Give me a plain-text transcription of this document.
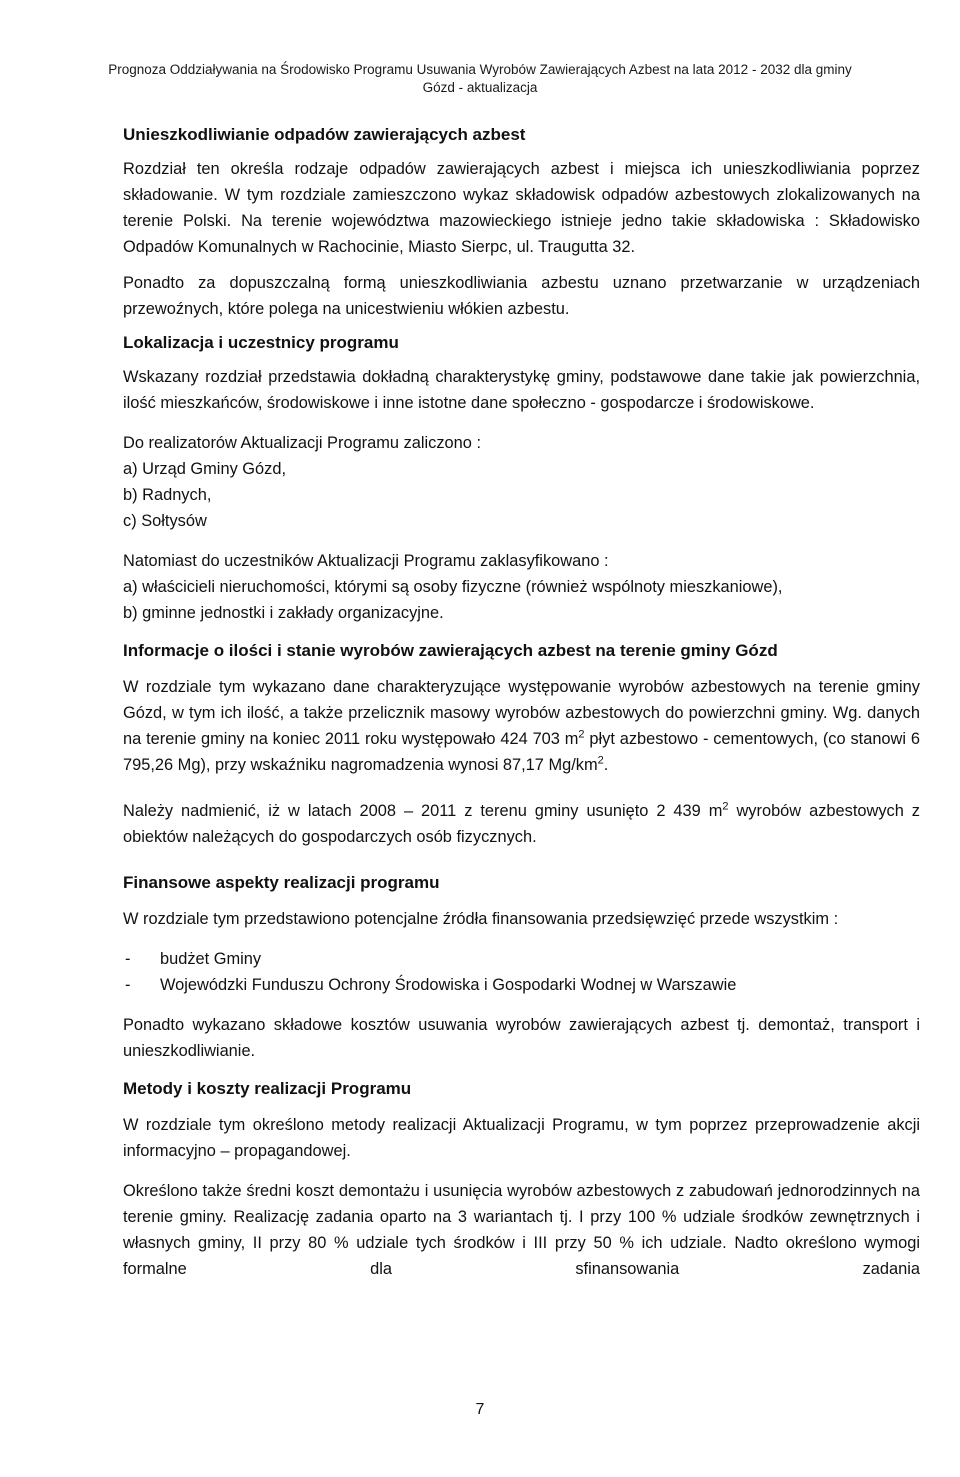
Prognoza Oddziaływania na Środowisko Programu Usuwania Wyrobów Zawierających Azbest na lata 2012 - 2032 dla gminy
Gózd - aktualizacja
Unieszkodliwianie odpadów zawierających azbest

Rozdział ten określa rodzaje odpadów zawierających azbest i miejsca ich unieszkodliwiania poprzez składowanie. W tym rozdziale zamieszczono wykaz składowisk odpadów azbestowych zlokalizowanych na terenie Polski. Na terenie województwa mazowieckiego istnieje jedno takie składowiska : Składowisko Odpadów Komunalnych w Rachocinie, Miasto Sierpc, ul. Traugutta 32.

Ponadto za dopuszczalną formą unieszkodliwiania azbestu uznano przetwarzanie w urządzeniach przewoźnych, które polega na unicestwieniu włókien azbestu.

Lokalizacja i uczestnicy programu

Wskazany rozdział przedstawia dokładną charakterystykę gminy, podstawowe dane takie jak powierzchnia, ilość mieszkańców, środowiskowe i inne istotne dane społeczno - gospodarcze i środowiskowe.

Do realizatorów Aktualizacji Programu zaliczono :

a) Urząd Gminy Gózd,
b) Radnych,
c) Sołtysów

Natomiast do uczestników Aktualizacji Programu zaklasyfikowano :

a) właścicieli nieruchomości, którymi są osoby fizyczne (również wspólnoty mieszkaniowe),
b) gminne jednostki i zakłady organizacyjne.
Informacje o ilości i stanie wyrobów zawierających azbest na terenie gminy Gózd

W rozdziale tym wykazano dane charakteryzujące występowanie wyrobów azbestowych na terenie gminy Gózd, w tym ich ilość, a także przelicznik masowy wyrobów azbestowych do powierzchni gminy. Wg. danych na terenie gminy na koniec 2011 roku występowało 424 703 $m^2$ płyt azbestowo - cementowych, (co stanowi 6 795,26 Mg), przy wskaźniku nagromadzenia wynosi 87,17 $Mg/km^2$.

Należy nadmienić, iż w latach 2008 – 2011 z terenu gminy usunięto 2 439 $m^2$ wyrobów azbestowych z obiektów należących do gospodarczych osób fizycznych.

Finansowe aspekty realizacji programu

W rozdziale tym przedstawiono potencjalne źródła finansowania przedsięwzięć przede wszystkim :

-	budżet Gminy
-	Wojewódzki Funduszu Ochrony Środowiska i Gospodarki Wodnej w Warszawie

Ponadto wykazano składowe kosztów usuwania wyrobów zawierających azbest tj. demontaż, transport i unieszkodliwianie.

Metody i koszty realizacji Programu

W rozdziale tym określono metody realizacji Aktualizacji Programu, w tym poprzez przeprowadzenie akcji informacyjno – propagandowej.

Określono także średni koszt demontażu i usunięcia wyrobów azbestowych z zabudowań jednorodzinnych na terenie gminy. Realizację zadania oparto na 3 wariantach tj. I przy 100 % udziale środków zewnętrznych i własnych gminy, II przy 80 % udziale tych środków i III przy 50 % ich udziale. Nadto określono wymogi formalne dla sfinansowania zadania

7
